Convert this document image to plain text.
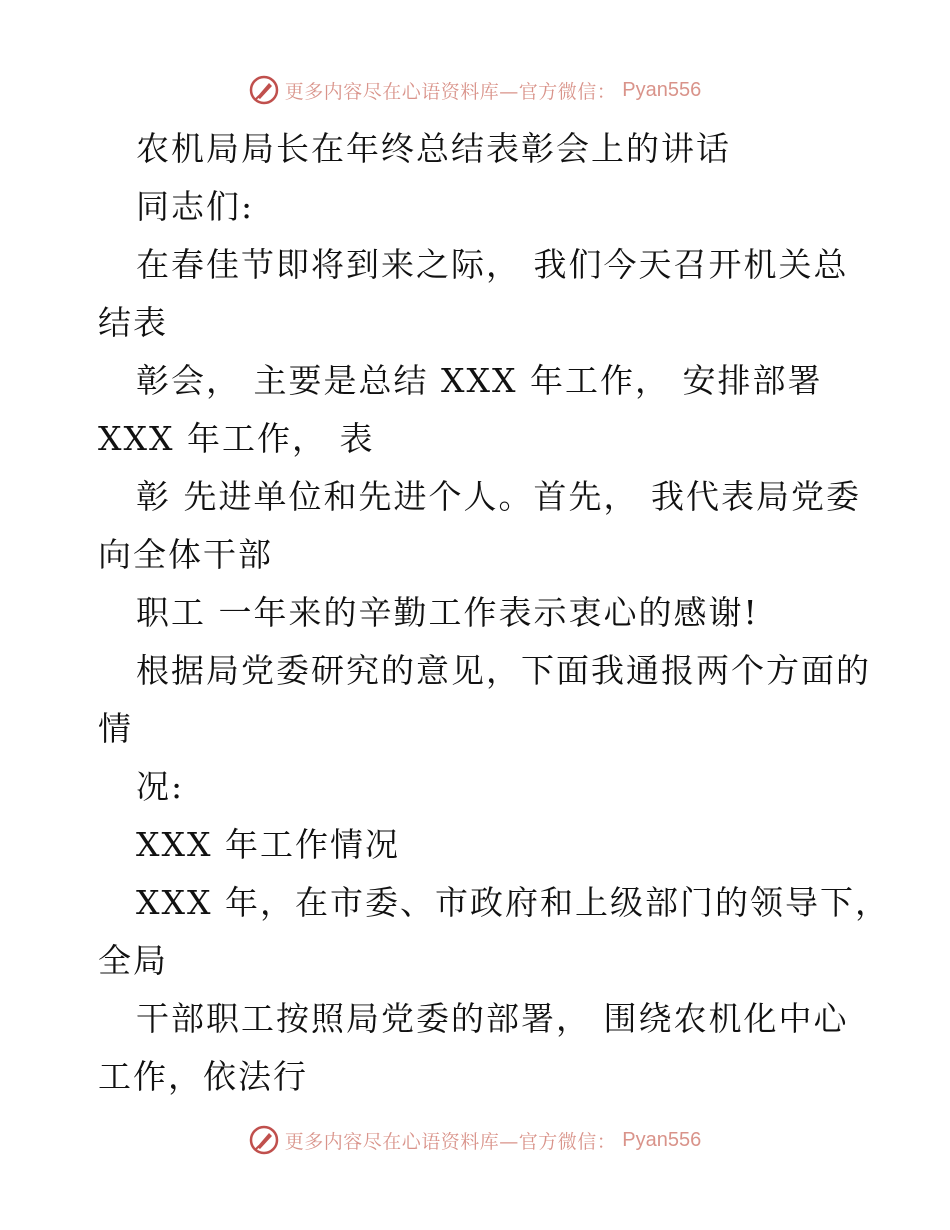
更多内容尽在心语资料库—官方微信： Pyan556
农机局局长在年终总结表彰会上的讲话
同志们:
在春佳节即将到来之际， 我们今天召开机关总
结表
彰会， 主要是总结 XXX 年工作， 安排部署
XXX 年工作， 表
彰 先进单位和先进个人。首先， 我代表局党委
向全体干部
职工 一年来的辛勤工作表示衷心的感谢!
根据局党委研究的意见，下面我通报两个方面的
情
况:
XXX 年工作情况
XXX 年，在市委、市政府和上级部门的领导下，
全局
干部职工按照局党委的部署， 围绕农机化中心
工作，依法行
更多内容尽在心语资料库—官方微信： Pyan556
